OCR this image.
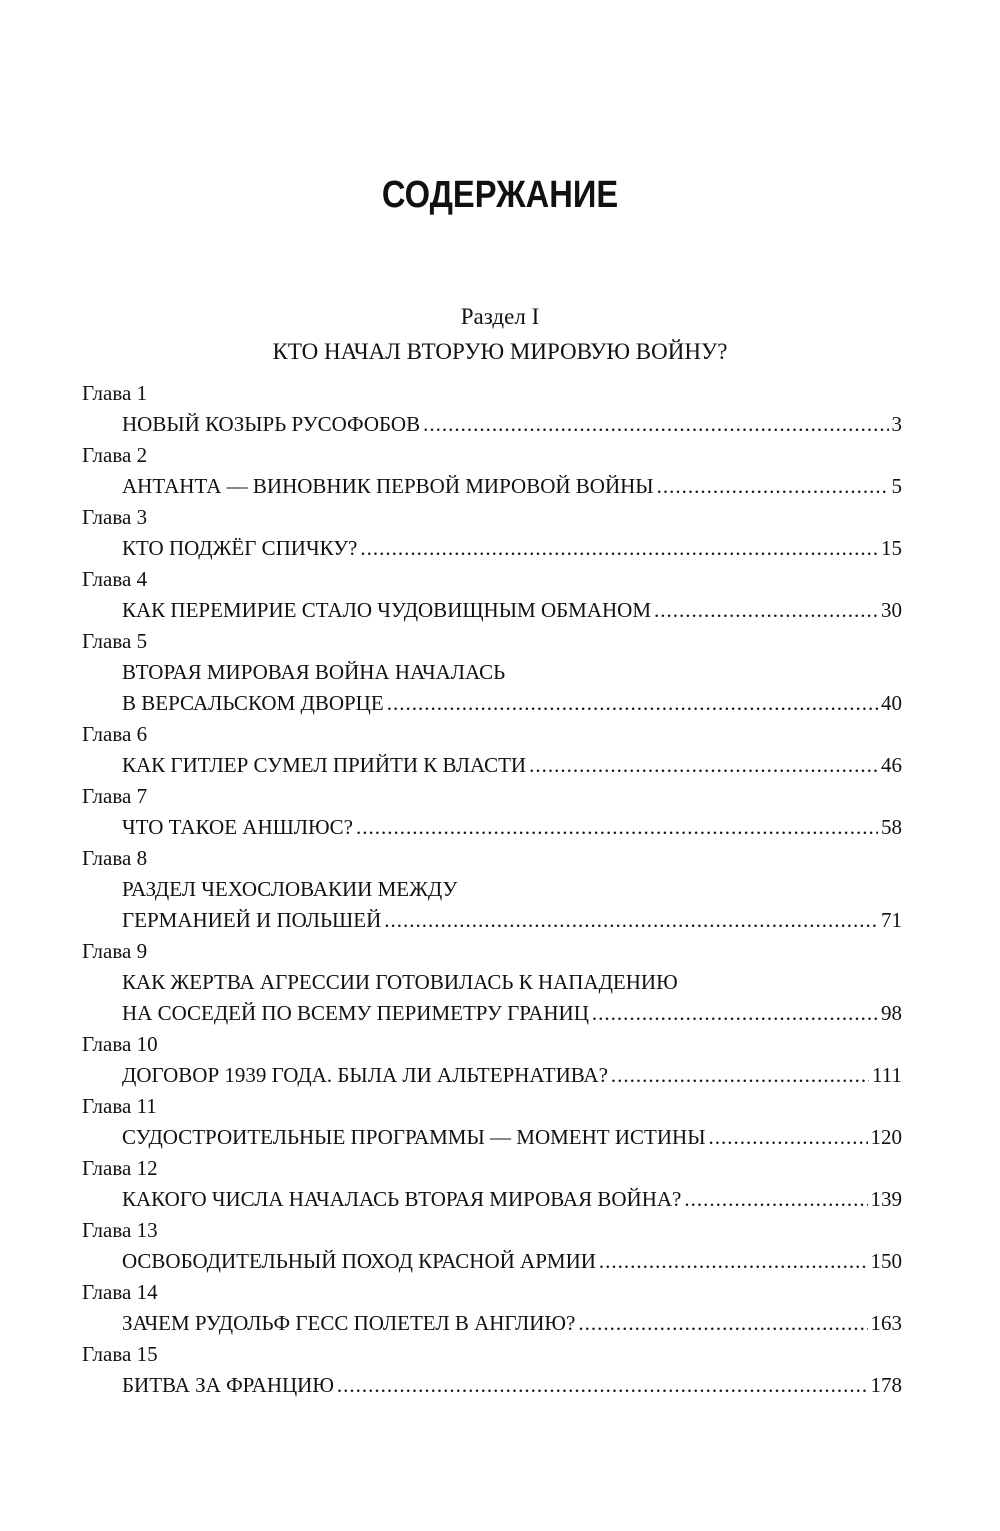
СОДЕРЖАНИЕ
Раздел I
КТО НАЧАЛ ВТОРУЮ МИРОВУЮ ВОЙНУ?
Глава 1
НОВЫЙ КОЗЫРЬ РУСОФОБОВ .....	3
Глава 2
АНТАНТА — ВИНОВНИК ПЕРВОЙ МИРОВОЙ ВОЙНЫ .....	5
Глава 3
КТО ПОДЖЁГ СПИЧКУ? .....	15
Глава 4
КАК ПЕРЕМИРИЕ СТАЛО ЧУДОВИЩНЫМ ОБМАНОМ .....	30
Глава 5
ВТОРАЯ МИРОВАЯ ВОЙНА НАЧАЛАСЬ
В ВЕРСАЛЬСКОМ ДВОРЦЕ .....	40
Глава 6
КАК ГИТЛЕР СУМЕЛ ПРИЙТИ К ВЛАСТИ .....	46
Глава 7
ЧТО ТАКОЕ АНШЛЮС? .....	58
Глава 8
РАЗДЕЛ ЧЕХОСЛОВАКИИ МЕЖДУ
ГЕРМАНИЕЙ И ПОЛЬШЕЙ .....	71
Глава 9
КАК ЖЕРТВА АГРЕССИИ ГОТОВИЛАСЬ К НАПАДЕНИЮ
НА СОСЕДЕЙ ПО ВСЕМУ ПЕРИМЕТРУ ГРАНИЦ .....	98
Глава 10
ДОГОВОР 1939 ГОДА. БЫЛА ЛИ АЛЬТЕРНАТИВА? .....	111
Глава 11
СУДОСТРОИТЕЛЬНЫЕ ПРОГРАММЫ — МОМЕНТ ИСТИНЫ .....	120
Глава 12
КАКОГО ЧИСЛА НАЧАЛАСЬ ВТОРАЯ МИРОВАЯ ВОЙНА? .....	139
Глава 13
ОСВОБОДИТЕЛЬНЫЙ ПОХОД КРАСНОЙ АРМИИ .....	150
Глава 14
ЗАЧЕМ РУДОЛЬФ ГЕСС ПОЛЕТЕЛ В АНГЛИЮ? .....	163
Глава 15
БИТВА ЗА ФРАНЦИЮ .....	178
